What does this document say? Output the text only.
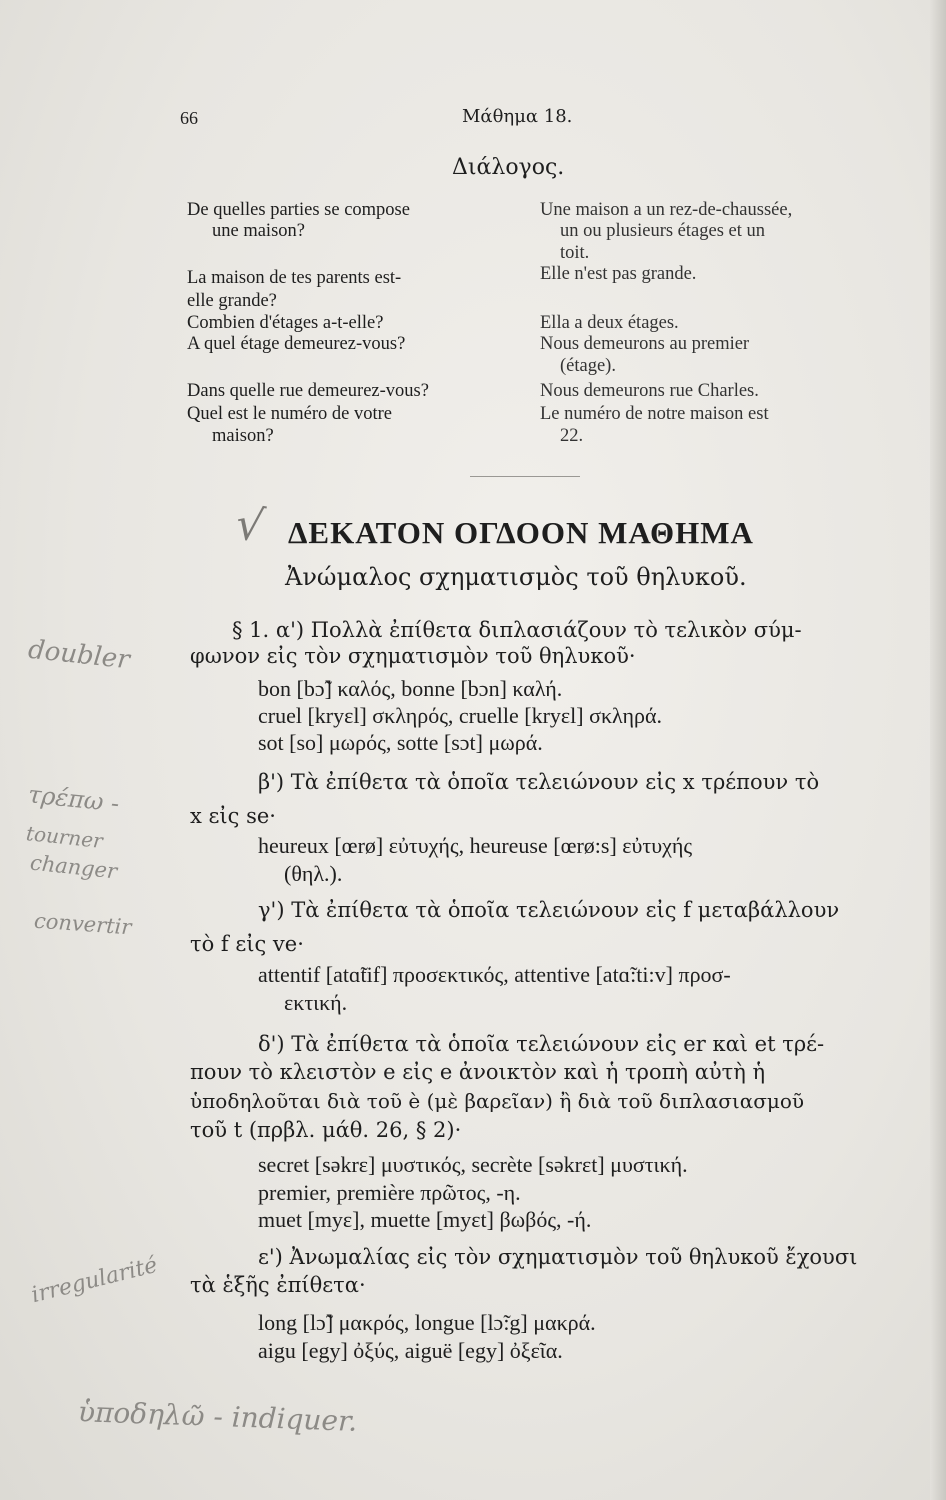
66	Μάθημα 18.
Διάλογος.
De quelles parties se compose
une maison?
La maison de tes parents est-
elle grande?
Combien d'étages a-t-elle?
A quel étage demeurez-vous?
Dans quelle rue demeurez-vous?
Quel est le numéro de votre
maison?
Une maison a un rez-de-chaussée,
un ou plusieurs étages et un
toit.
Elle n'est pas grande.
Ella a deux étages.
Nous demeurons au premier
(étage).
Nous demeurons rue Charles.
Le numéro de notre maison est
22.
√ ΔΕΚΑΤΟΝ ΟΓΔΟΟΝ ΜΑΘΗΜΑ
Ἀνώμαλος σχηματισμὸς τοῦ θηλυκοῦ.
§ 1. α') Πολλὰ ἐπίθετα διπλασιάζουν τὸ τελικὸν σύμ-
φωνον εἰς τὸν σχηματισμὸν τοῦ θηλυκοῦ·
bon [bɔ̃] καλός, bonne [bɔn] καλή.
cruel [kryɛl] σκληρός, cruelle [kryɛl] σκληρά.
sot [so] μωρός, sotte [sɔt] μωρά.
β') Τὰ ἐπίθετα τὰ ὁποῖα τελειώνουν εἰς x τρέπουν τὸ
x εἰς se·
heureux [œrø] εὐτυχής, heureuse [œrø:s] εὐτυχής
(θηλ.).
γ') Τὰ ἐπίθετα τὰ ὁποῖα τελειώνουν εἰς f μεταβάλλουν
τὸ f εἰς ve·
attentif [atɑ̃tif] προσεκτικός, attentive [atɑ̃:ti:v] προσ-
εκτική.
δ') Τὰ ἐπίθετα τὰ ὁποῖα τελειώνουν εἰς er καὶ et τρέ-
πουν τὸ κλειστὸν e εἰς e ἀνοικτὸν καὶ ἡ τροπὴ αὐτὴ ἡ
ὑποδηλοῦται διὰ τοῦ è (μὲ βαρεῖαν) ἢ διὰ τοῦ διπλασιασμοῦ
τοῦ t (πρβλ. μάθ. 26, § 2)·
secret [səkrɛ] μυστικός, secrète [səkrɛt] μυστική.
premier, première πρῶτος, -η.
muet [myɛ], muette [myɛt] βωβός, -ή.
ε') Ἀνωμαλίας εἰς τὸν σχηματισμὸν τοῦ θηλυκοῦ ἔχουσι
τὰ ἑξῆς ἐπίθετα·
long [lɔ̃] μακρός, longue [lɔ̃:g] μακρά.
aigu [egy] ὀξύς, aiguë [egy] ὀξεῖα.
doubler
τρέπω -
tourner
changer
convertir
irregularité
ὑποδηλῶ - indiquer.
